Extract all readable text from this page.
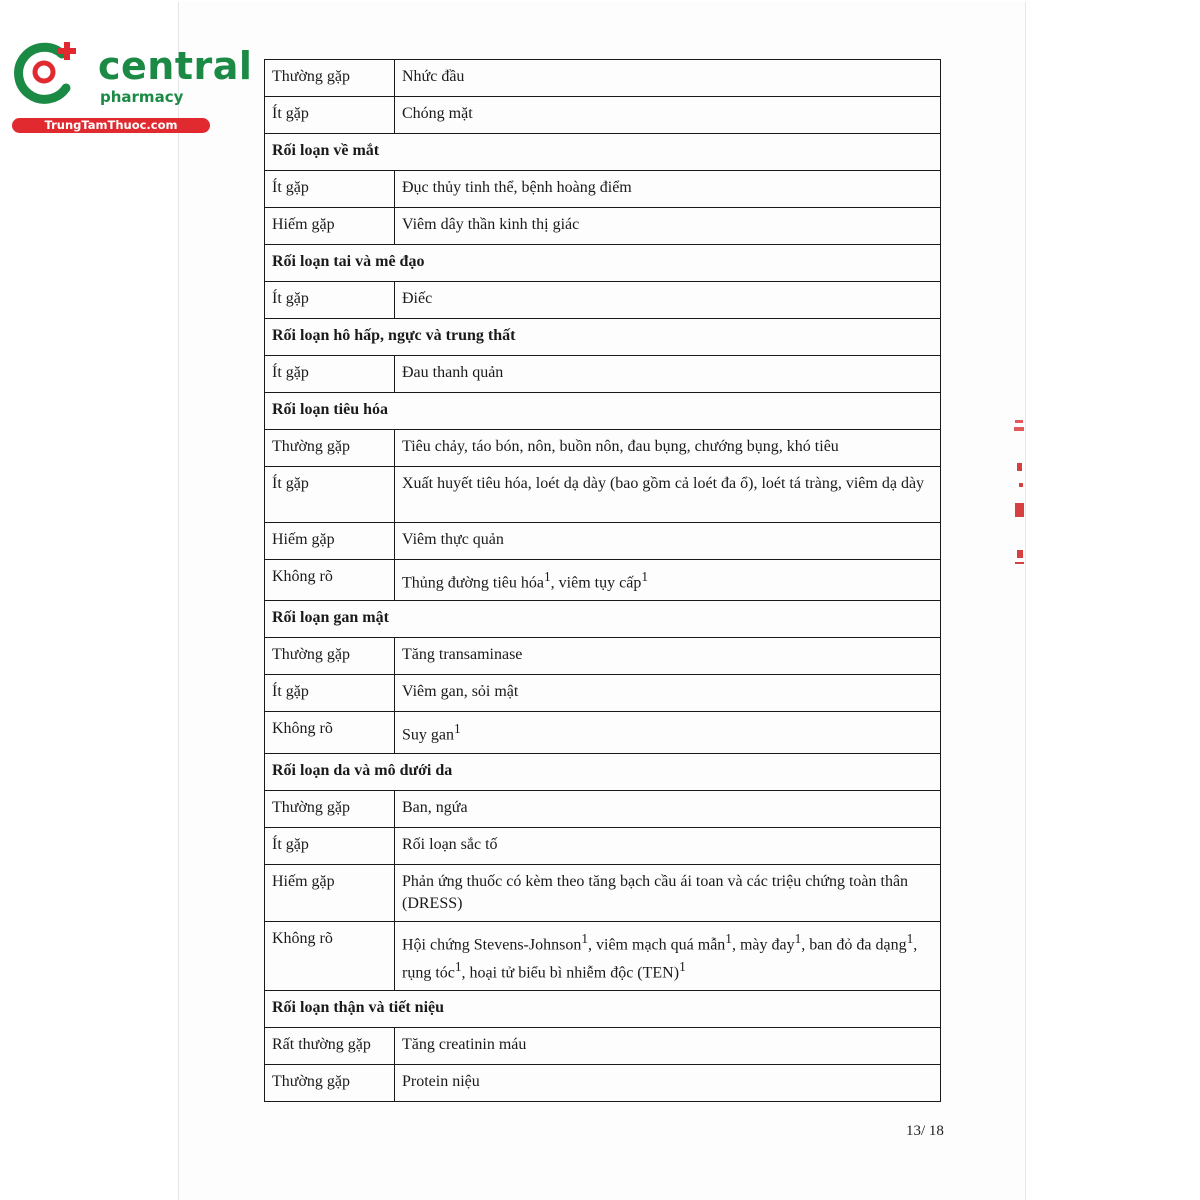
central
pharmacy
TrungTamThuoc.com
Thường gặp	Nhức đầu
Ít gặp	Chóng mặt
Rối loạn về mắt	
Ít gặp	Đục thủy tinh thể, bệnh hoàng điểm
Hiếm gặp	Viêm dây thần kinh thị giác
Rối loạn tai và mê đạo	
Ít gặp	Điếc
Rối loạn hô hấp, ngực và trung thất	
Ít gặp	Đau thanh quản
Rối loạn tiêu hóa	
Thường gặp	Tiêu chảy, táo bón, nôn, buồn nôn, đau bụng, chướng bụng, khó tiêu
Ít gặp	Xuất huyết tiêu hóa, loét dạ dày (bao gồm cả loét đa ổ), loét tá tràng, viêm dạ dày
Hiếm gặp	Viêm thực quản
Không rõ	Thủng đường tiêu hóa$^1$, viêm tụy cấp$^1$
Rối loạn gan mật	
Thường gặp	Tăng transaminase
Ít gặp	Viêm gan, sỏi mật
Không rõ	Suy gan$^1$
Rối loạn da và mô dưới da	
Thường gặp	Ban, ngứa
Ít gặp	Rối loạn sắc tố
Hiếm gặp	Phản ứng thuốc có kèm theo tăng bạch cầu ái toan và các triệu chứng toàn thân (DRESS)
Không rõ	Hội chứng Stevens-Johnson$^1$, viêm mạch quá mẫn$^1$, mày đay$^1$, ban đỏ đa dạng$^1$, rụng tóc$^1$, hoại tử biểu bì nhiễm độc (TEN)$^1$
Rối loạn thận và tiết niệu	
Rất thường gặp	Tăng creatinin máu
Thường gặp	Protein niệu
13/ 18
